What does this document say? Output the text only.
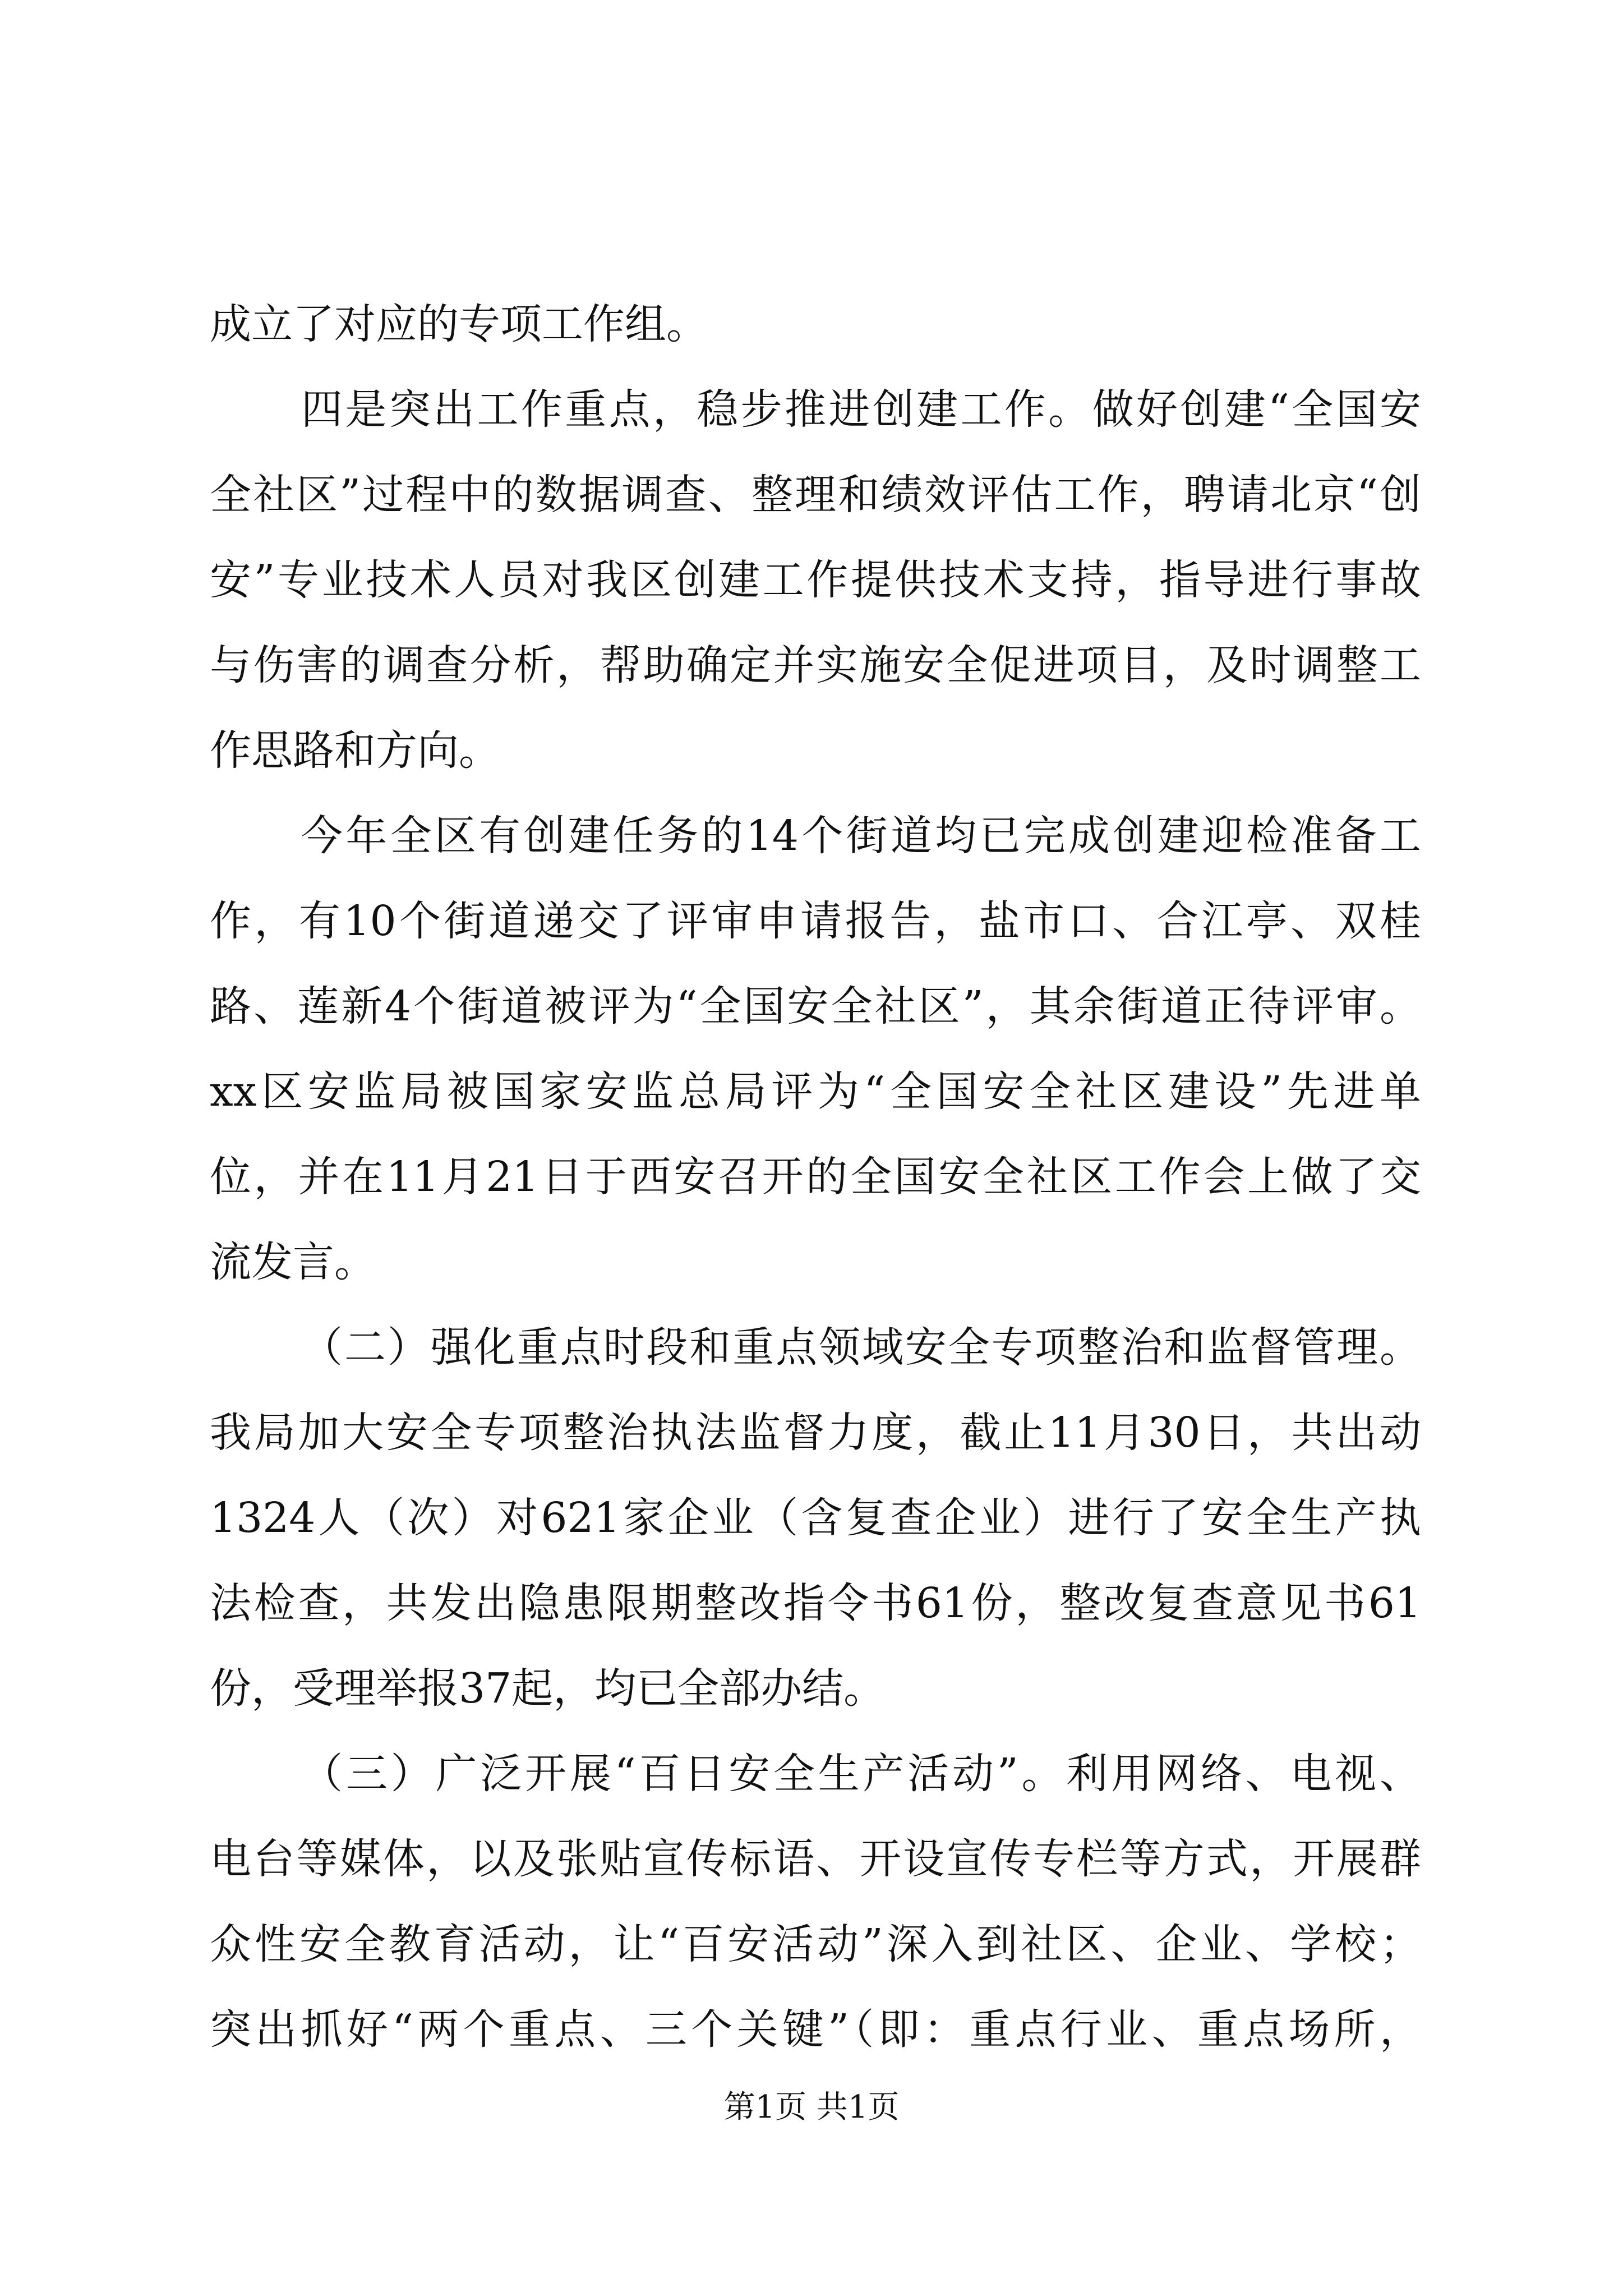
成立了对应的专项工作组。
四是突出工作重点，稳步推进创建工作。做好创建“全国安
全社区”过程中的数据调查、整理和绩效评估工作，聘请北京“创
安”专业技术人员对我区创建工作提供技术支持，指导进行事故
与伤害的调查分析，帮助确定并实施安全促进项目，及时调整工
作思路和方向。
今年全区有创建任务的14个街道均已完成创建迎检准备工
作，有10个街道递交了评审申请报告，盐市口、合江亭、双桂
路、莲新4个街道被评为“全国安全社区”，其余街道正待评审。
xx区安监局被国家安监总局评为“全国安全社区建设”先进单
位，并在11月21日于西安召开的全国安全社区工作会上做了交
流发言。
（二）强化重点时段和重点领域安全专项整治和监督管理。
我局加大安全专项整治执法监督力度，截止11月30日，共出动
1324人（次）对621家企业（含复查企业）进行了安全生产执
法检查，共发出隐患限期整改指令书61份，整改复查意见书61
份，受理举报37起，均已全部办结。
（三）广泛开展“百日安全生产活动”。利用网络、电视、
电台等媒体，以及张贴宣传标语、开设宣传专栏等方式，开展群
众性安全教育活动，让“百安活动”深入到社区、企业、学校；
突出抓好“两个重点、三个关键”（即：重点行业、重点场所，
第1页 共1页
